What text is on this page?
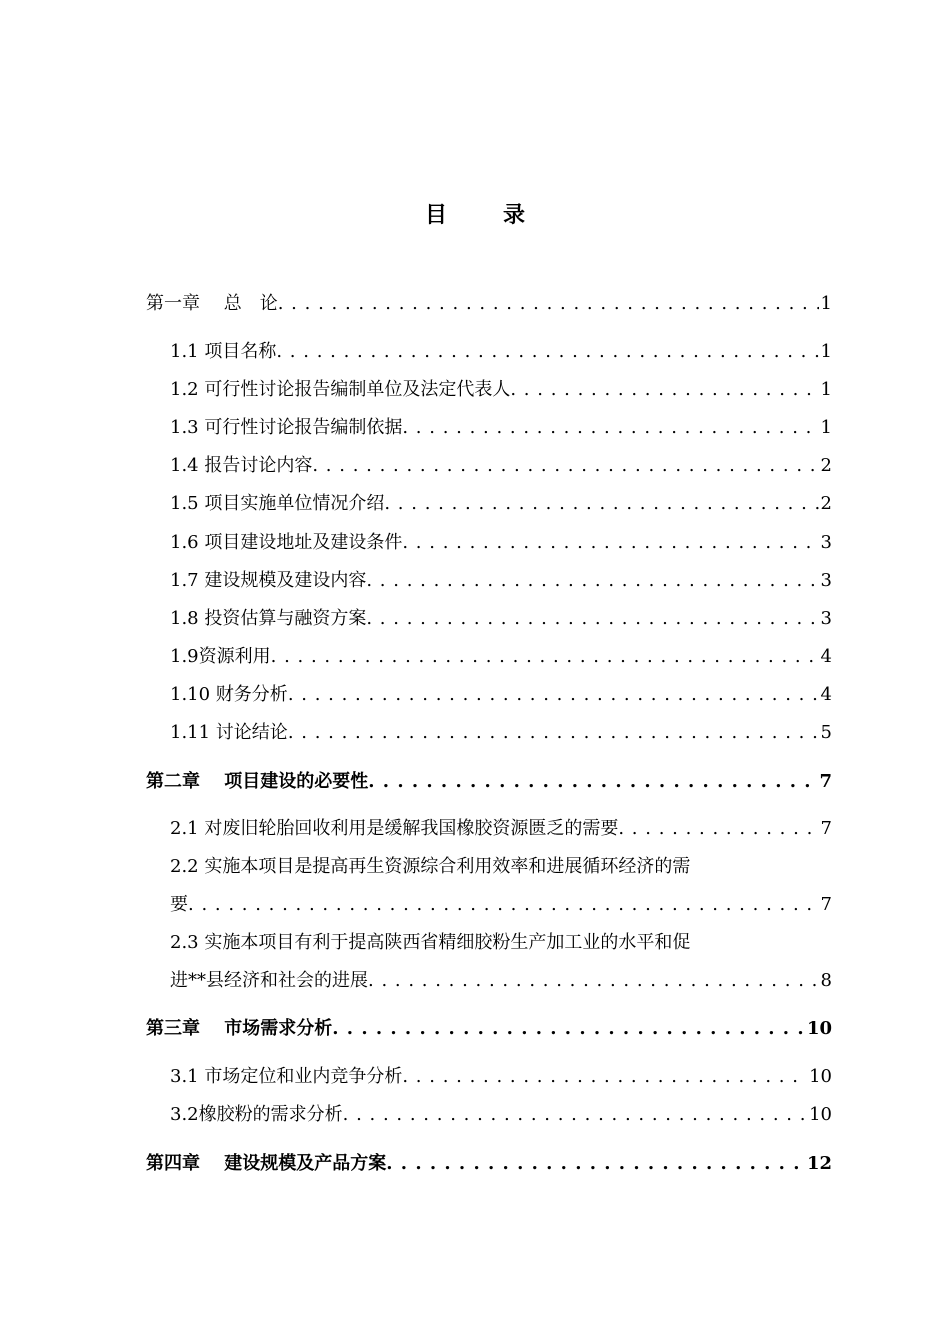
目	录
第一章　 总　论 . . .	1
1.1 项目名称 . . .	1
1.2 可行性讨论报告编制单位及法定代表人 . . .	1
1.3 可行性讨论报告编制依据 . . .	1
1.4 报告讨论内容 . . .	2
1.5 项目实施单位情况介绍 . . .	2
1.6 项目建设地址及建设条件 . . .	3
1.7 建设规模及建设内容 . . .	3
1.8 投资估算与融资方案 . . .	3
1.9资源利用 . . .	4
1.10 财务分析 . . .	4
1.11 讨论结论 . . .	5
第二章　 项目建设的必要性 . . .	7
2.1 对废旧轮胎回收利用是缓解我国橡胶资源匮乏的需要 . . .	7
2.2 实施本项目是提高再生资源综合利用效率和进展循环经济的需
要 . . .	7
2.3 实施本项目有利于提高陕西省精细胶粉生产加工业的水平和促
进**县经济和社会的进展 . . .	8
第三章　 市场需求分析 . . .	10
3.1 市场定位和业内竞争分析 . . .	10
3.2橡胶粉的需求分析 . . .	10
第四章　 建设规模及产品方案 . . .	12
